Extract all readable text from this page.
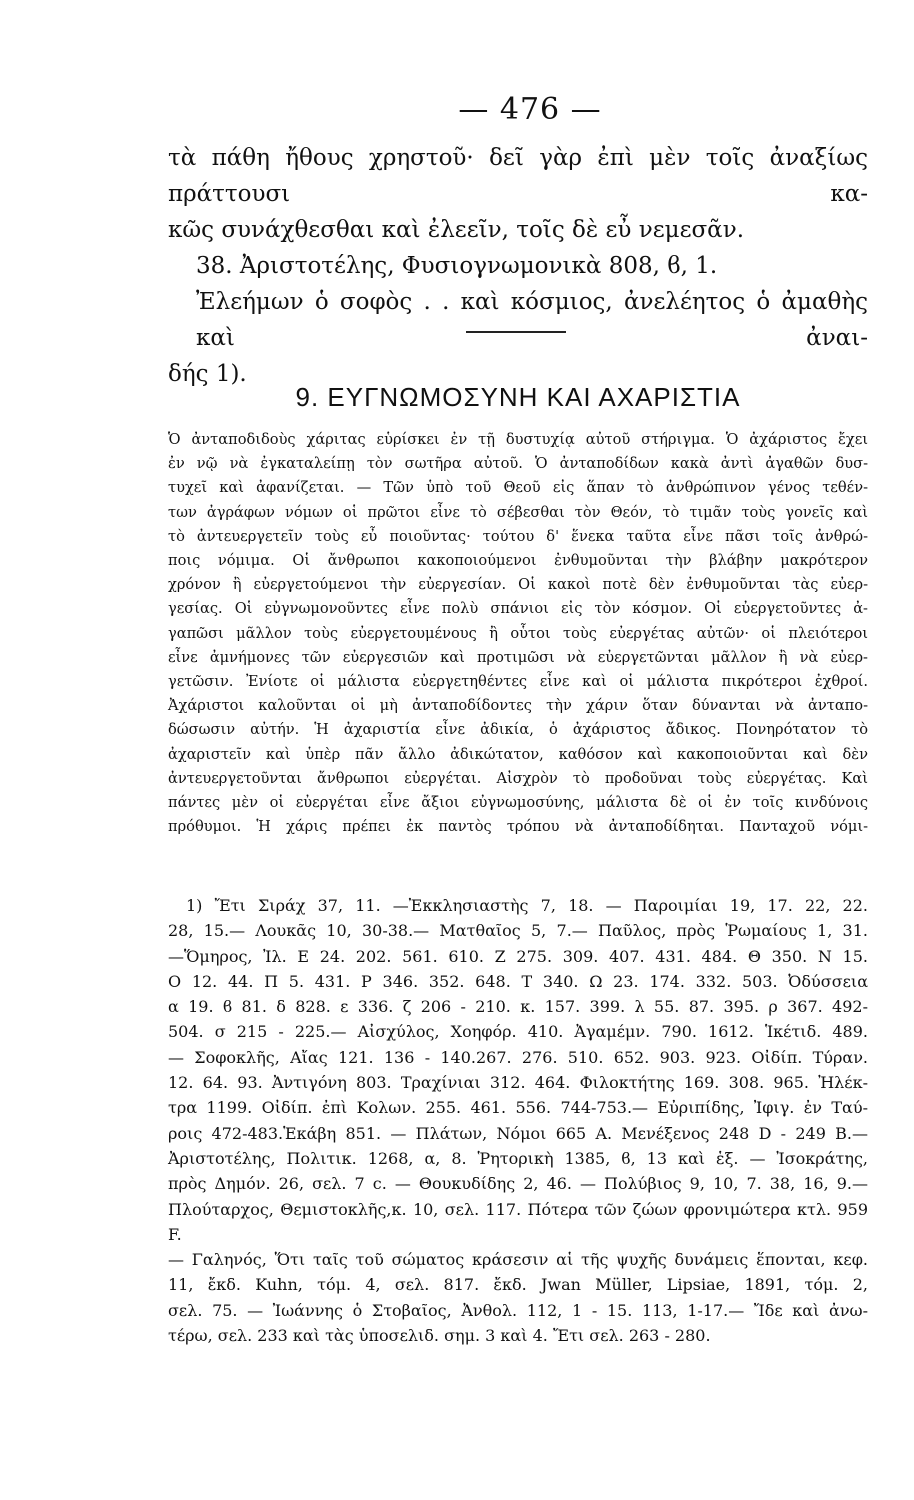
— 476 —

τὰ πάθη ἤθους χρηστοῦ· δεῖ γὰρ ἐπὶ μὲν τοῖς ἀναξίως πράττουσι κα-

κῶς συνάχθεσθαι καὶ ἐλεεῖν, τοῖς δὲ εὖ νεμεσᾶν.

38. Ἀριστοτέλης, Φυσιογνωμονικὰ 808, ϐ, 1.

Ἐλεήμων ὁ σοφὸς . . καὶ κόσμιος, ἀνελέητος ὁ ἀμαθὴς καὶ ἀναι-

δής 1).

9. ΕΥΓΝΩΜΟΣΥΝΗ ΚΑΙ ΑΧΑΡΙΣΤΙΑ

Ὁ ἀνταποδιδοὺς χάριτας εὑρίσκει ἐν τῇ δυστυχίᾳ αὐτοῦ στήριγμα. Ὁ ἀχάριστος ἔχει

ἐν νῷ νὰ ἐγκαταλείπῃ τὸν σωτῆρα αὐτοῦ. Ὁ ἀνταποδίδων κακὰ ἀντὶ ἀγαθῶν δυσ-

τυχεῖ καὶ ἀφανίζεται. — Τῶν ὑπὸ τοῦ Θεοῦ εἰς ἅπαν τὸ ἀνθρώπινον γένος τεθέν-

των ἀγράφων νόμων οἱ πρῶτοι εἶνε τὸ σέβεσθαι τὸν Θεόν, τὸ τιμᾶν τοὺς γονεῖς καὶ

τὸ ἀντευεργετεῖν τοὺς εὖ ποιοῦντας· τούτου δ' ἕνεκα ταῦτα εἶνε πᾶσι τοῖς ἀνθρώ-

ποις νόμιμα. Οἱ ἄνθρωποι κακοποιούμενοι ἐνθυμοῦνται τὴν βλάβην μακρότερον

χρόνον ἢ εὐεργετούμενοι τὴν εὐεργεσίαν. Οἱ κακοὶ ποτὲ δὲν ἐνθυμοῦνται τὰς εὐερ-

γεσίας. Οἱ εὐγνωμονοῦντες εἶνε πολὺ σπάνιοι εἰς τὸν κόσμον. Οἱ εὐεργετοῦντες ἀ-

γαπῶσι μᾶλλον τοὺς εὐεργετουμένους ἢ οὗτοι τοὺς εὐεργέτας αὐτῶν· οἱ πλειότεροι

εἶνε ἀμνήμονες τῶν εὐεργεσιῶν καὶ προτιμῶσι νὰ εὐεργετῶνται μᾶλλον ἢ νὰ εὐερ-

γετῶσιν. Ἐνίοτε οἱ μάλιστα εὐεργετηθέντες εἶνε καὶ οἱ μάλιστα πικρότεροι ἐχθροί.

Ἀχάριστοι καλοῦνται οἱ μὴ ἀνταποδίδοντες τὴν χάριν ὅταν δύνανται νὰ ἀνταπο-

δώσωσιν αὐτήν. Ἡ ἀχαριστία εἶνε ἀδικία, ὁ ἀχάριστος ἄδικος. Πονηρότατον τὸ

ἀχαριστεῖν καὶ ὑπὲρ πᾶν ἄλλο ἀδικώτατον, καθόσον καὶ κακοποιοῦνται καὶ δὲν

ἀντευεργετοῦνται ἄνθρωποι εὐεργέται. Αἰσχρὸν τὸ προδοῦναι τοὺς εὐεργέτας. Καὶ

πάντες μὲν οἱ εὐεργέται εἶνε ἄξιοι εὐγνωμοσύνης, μάλιστα δὲ οἱ ἐν τοῖς κινδύνοις

πρόθυμοι. Ἡ χάρις πρέπει ἐκ παντὸς τρόπου νὰ ἀνταποδίδηται. Πανταχοῦ νόμι-

1) Ἔτι Σιράχ 37, 11. —Ἐκκλησιαστὴς 7, 18. — Παροιμίαι 19, 17. 22, 22.

28, 15.— Λουκᾶς 10, 30-38.— Ματθαῖος 5, 7.— Παῦλος, πρὸς Ῥωμαίους 1, 31.

—Ὅμηρος, Ἰλ. Ε 24. 202. 561. 610. Ζ 275. 309. 407. 431. 484. Θ 350. Ν 15.

Ο 12. 44. Π 5. 431. Ρ 346. 352. 648. Τ 340. Ω 23. 174. 332. 503. Ὀδύσσεια

α 19. ϐ 81. δ 828. ε 336. ζ 206 - 210. κ. 157. 399. λ 55. 87. 395. ρ 367. 492-

504. σ 215 - 225.— Αἰσχύλος, Χοηφόρ. 410. Ἀγαμέμν. 790. 1612. Ἱκέτιδ. 489.

— Σοφοκλῆς, Αἴας 121. 136 - 140.267. 276. 510. 652. 903. 923. Οἰδίπ. Τύραν.

12. 64. 93. Ἀντιγόνη 803. Τραχίνιαι 312. 464. Φιλοκτήτης 169. 308. 965. Ἠλέκ-

τρα 1199. Οἰδίπ. ἐπὶ Κολων. 255. 461. 556. 744-753.— Εὐριπίδης, Ἰφιγ. ἐν Ταύ-

ροις 472-483.Ἑκάβη 851. — Πλάτων, Νόμοι 665 Α. Μενέξενος 248 D - 249 Β.—

Ἀριστοτέλης, Πολιτικ. 1268, α, 8. Ῥητορικὴ 1385, ϐ, 13 καὶ ἑξ. — Ἰσοκράτης,

πρὸς Δημόν. 26, σελ. 7 c. — Θουκυδίδης 2, 46. — Πολύβιος 9, 10, 7. 38, 16, 9.—

Πλούταρχος, Θεμιστοκλῆς,κ. 10, σελ. 117. Πότερα τῶν ζώων φρονιμώτερα κτλ. 959 F.

— Γαληνός, Ὅτι ταῖς τοῦ σώματος κράσεσιν αἱ τῆς ψυχῆς δυνάμεις ἕπονται, κεφ.

11, ἔκδ. Kuhn, τόμ. 4, σελ. 817. ἔκδ. Jwan Müller, Lipsiae, 1891, τόμ. 2,

σελ. 75. — Ἰωάννης ὁ Στοβαῖος, Ἀνθολ. 112, 1 - 15. 113, 1-17.— Ἴδε καὶ ἀνω-

τέρω, σελ. 233 καὶ τὰς ὑποσελιδ. σημ. 3 καὶ 4. Ἔτι σελ. 263 - 280.
